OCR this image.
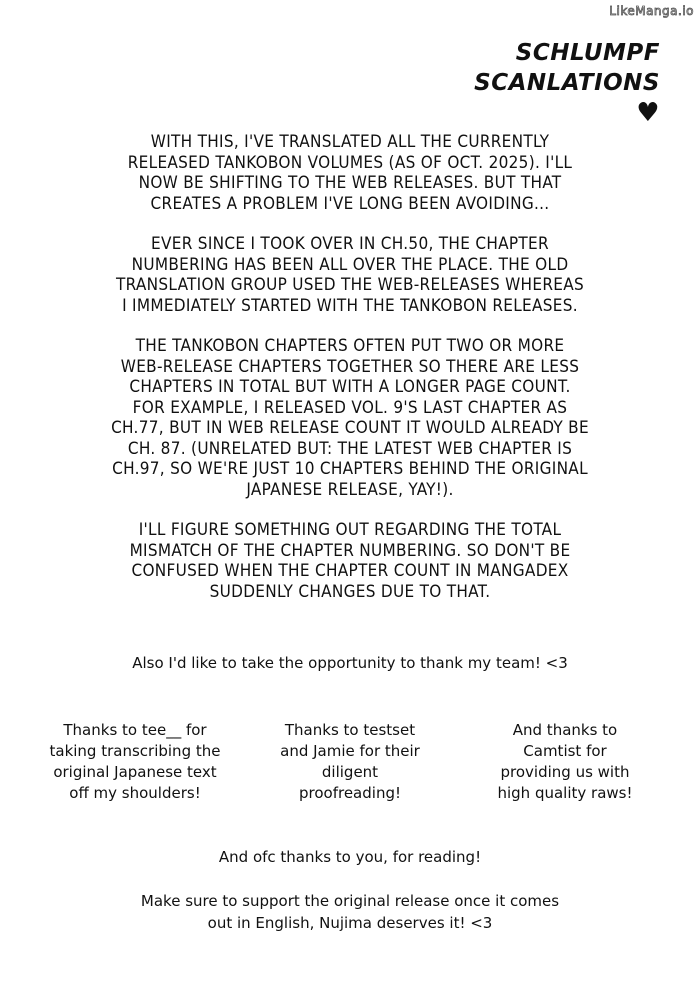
LikeManga.io
SCHLUMPF
SCANLATIONS
♥

WITH THIS, I'VE TRANSLATED ALL THE CURRENTLY
RELEASED TANKOBON VOLUMES (AS OF OCT. 2025). I'LL
NOW BE SHIFTING TO THE WEB RELEASES. BUT THAT
CREATES A PROBLEM I'VE LONG BEEN AVOIDING...

EVER SINCE I TOOK OVER IN CH.50, THE CHAPTER
NUMBERING HAS BEEN ALL OVER THE PLACE. THE OLD
TRANSLATION GROUP USED THE WEB-RELEASES WHEREAS
I IMMEDIATELY STARTED WITH THE TANKOBON RELEASES.

THE TANKOBON CHAPTERS OFTEN PUT TWO OR MORE
WEB-RELEASE CHAPTERS TOGETHER SO THERE ARE LESS
CHAPTERS IN TOTAL BUT WITH A LONGER PAGE COUNT.
FOR EXAMPLE, I RELEASED VOL. 9'S LAST CHAPTER AS
CH.77, BUT IN WEB RELEASE COUNT IT WOULD ALREADY BE
CH. 87. (UNRELATED BUT: THE LATEST WEB CHAPTER IS
CH.97, SO WE'RE JUST 10 CHAPTERS BEHIND THE ORIGINAL
JAPANESE RELEASE, YAY!).

I'LL FIGURE SOMETHING OUT REGARDING THE TOTAL
MISMATCH OF THE CHAPTER NUMBERING. SO DON'T BE
CONFUSED WHEN THE CHAPTER COUNT IN MANGADEX
SUDDENLY CHANGES DUE TO THAT.

Also I'd like to take the opportunity to thank my team! <3
Thanks to tee__ for
taking transcribing the
original Japanese text
off my shoulders!
Thanks to testset
and Jamie for their
diligent
proofreading!
And thanks to
Camtist for
providing us with
high quality raws!
And ofc thanks to you, for reading!
Make sure to support the original release once it comes
out in English, Nujima deserves it! <3
